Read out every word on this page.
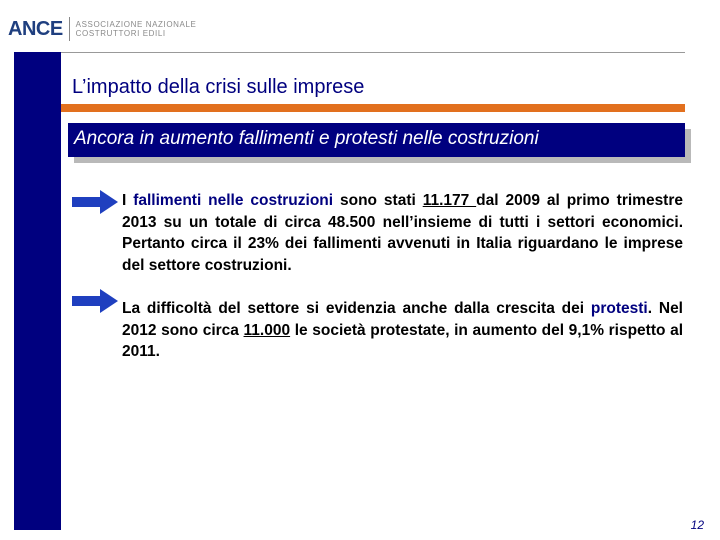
ANCE ASSOCIAZIONE NAZIONALE
COSTRUTTORI EDILI
L’impatto della crisi sulle imprese
Ancora in aumento fallimenti e protesti nelle costruzioni
I fallimenti nelle costruzioni sono stati 11.177 dal 2009 al primo trimestre 2013 su un totale di circa 48.500 nell’insieme di tutti i settori economici. Pertanto circa il 23% dei fallimenti avvenuti in Italia riguardano le imprese del settore costruzioni.
La difficoltà del settore si evidenzia anche dalla crescita dei protesti. Nel 2012 sono circa 11.000 le società protestate, in aumento del 9,1% rispetto al 2011.
12
